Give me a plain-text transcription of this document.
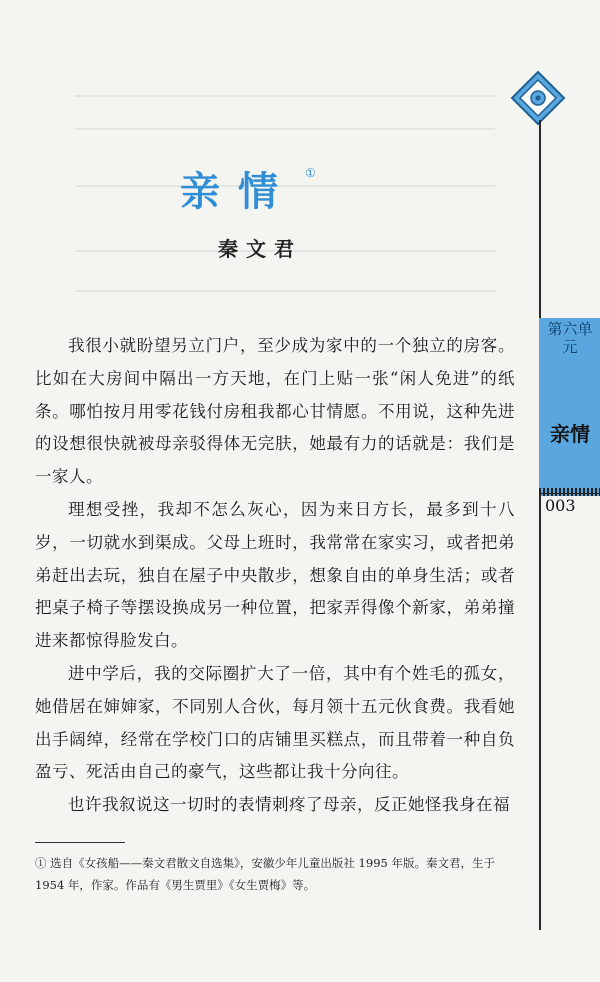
第六单元
亲情
003
亲情 ①
秦文君

我很小就盼望另立门户，至少成为家中的一个独立的房客。比如在大房间中隔出一方天地，在门上贴一张“闲人免进”的纸条。哪怕按月用零花钱付房租我都心甘情愿。不用说，这种先进的设想很快就被母亲驳得体无完肤，她最有力的话就是：我们是一家人。

理想受挫，我却不怎么灰心，因为来日方长，最多到十八岁，一切就水到渠成。父母上班时，我常常在家实习，或者把弟弟赶出去玩，独自在屋子中央散步，想象自由的单身生活；或者把桌子椅子等摆设换成另一种位置，把家弄得像个新家，弟弟撞进来都惊得脸发白。

进中学后，我的交际圈扩大了一倍，其中有个姓毛的孤女，她借居在婶婶家，不同别人合伙，每月领十五元伙食费。我看她出手阔绰，经常在学校门口的店铺里买糕点，而且带着一种自负盈亏、死活由自己的豪气，这些都让我十分向往。

也许我叙说这一切时的表情刺疼了母亲，反正她怪我身在福

① 选自《女孩船——秦文君散文自选集》，安徽少年儿童出版社 1995 年版。秦文君，生于 1954 年，作家。作品有《男生贾里》《女生贾梅》等。
